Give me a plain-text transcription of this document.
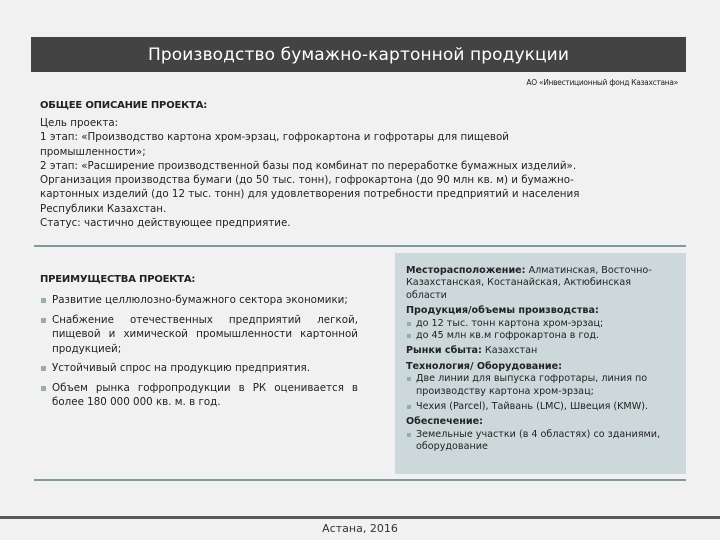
Производство бумажно-картонной продукции
АО «Инвестиционный фонд Казахстана»
ОБЩЕЕ ОПИСАНИЕ ПРОЕКТА:
Цель проекта:
1 этап: «Производство картона хром-эрзац, гофрокартона и гофротары для пищевой
промышленности»;
2 этап: «Расширение производственной базы под комбинат по переработке бумажных изделий».
Организация производства бумаги (до 50 тыс. тонн), гофрокартона (до 90 млн кв. м) и бумажно-
картонных изделий (до 12 тыс. тонн) для удовлетворения потребности предприятий и населения
Республики Казахстан.
Статус: частично действующее предприятие.
ПРЕИМУЩЕСТВА ПРОЕКТА:
Развитие целлюлозно-бумажного сектора экономики;
Снабжение отечественных предприятий легкой, пищевой и химической промышленности картонной продукцией;
Устойчивый спрос на продукцию предприятия.
Объем рынка гофропродукции в РК оценивается в более 180 000 000 кв. м. в год.
Месторасположение: Алматинская, Восточно-Казахстанская, Костанайская, Актюбинская области
Продукция/объемы производства:
до 12 тыс. тонн картона хром-эрзац;
до 45 млн кв.м гофрокартона в год.
Рынки сбыта: Казахстан
Технология/ Оборудование:
Две линии для выпуска гофротары, линия по производству картона хром-эрзац;
Чехия (Parcel), Тайвань (LMC), Швеция (KMW).
Обеспечение:
Земельные участки (в 4 областях) со зданиями, оборудование
Астана, 2016
